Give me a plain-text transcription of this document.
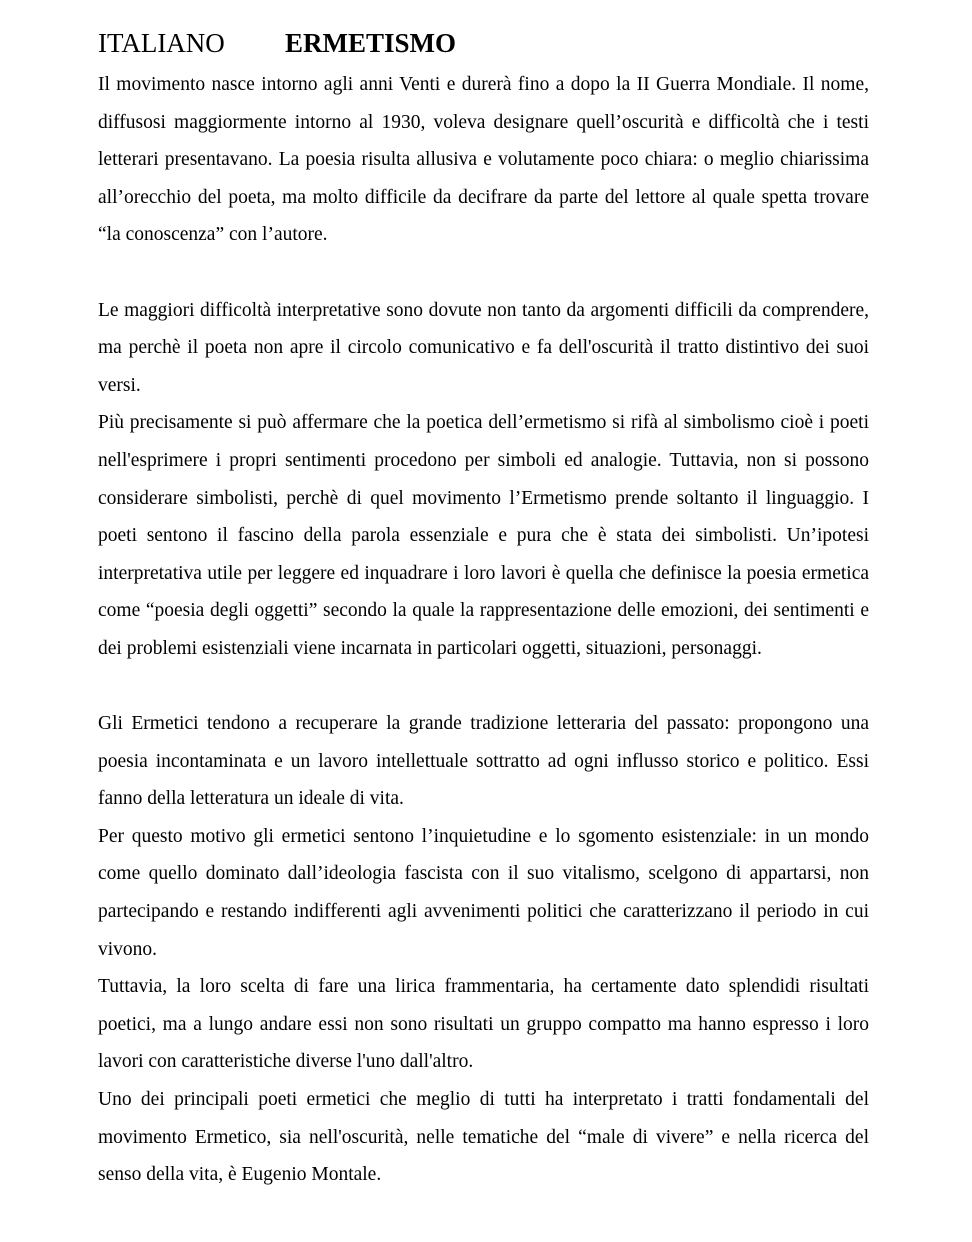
ITALIANO ERMETISMO

Il movimento nasce intorno agli anni Venti e durerà fino a dopo la II Guerra Mondiale. Il nome, diffusosi maggiormente intorno al 1930, voleva designare quell’oscurità e difficoltà che i testi letterari presentavano. La poesia risulta allusiva e volutamente poco chiara: o meglio chiarissima all’orecchio del poeta, ma molto difficile da decifrare da parte del lettore al quale spetta trovare “la conoscenza” con l’autore.

Le maggiori difficoltà interpretative sono dovute non tanto da argomenti difficili da comprendere, ma perchè il poeta non apre il circolo comunicativo e fa dell'oscurità il tratto distintivo dei suoi versi.

Più precisamente si può affermare che la poetica dell’ermetismo si rifà al simbolismo cioè i poeti nell'esprimere i propri sentimenti procedono per simboli ed analogie. Tuttavia, non si possono considerare simbolisti, perchè di quel movimento l’Ermetismo prende soltanto il linguaggio. I poeti sentono il fascino della parola essenziale e pura che è stata dei simbolisti. Un’ipotesi interpretativa utile per leggere ed inquadrare i loro lavori è quella che definisce la poesia ermetica come “poesia degli oggetti” secondo la quale la rappresentazione delle emozioni, dei sentimenti e dei problemi esistenziali viene incarnata in particolari oggetti, situazioni, personaggi.

Gli Ermetici tendono a recuperare la grande tradizione letteraria del passato: propongono una poesia incontaminata e un lavoro intellettuale sottratto ad ogni influsso storico e politico. Essi fanno della letteratura un ideale di vita.

Per questo motivo gli ermetici sentono l’inquietudine e lo sgomento esistenziale: in un mondo come quello dominato dall’ideologia fascista con il suo vitalismo, scelgono di appartarsi, non partecipando e restando indifferenti agli avvenimenti politici che caratterizzano il periodo in cui vivono.

Tuttavia, la loro scelta di fare una lirica frammentaria, ha certamente dato splendidi risultati poetici, ma a lungo andare essi non sono risultati un gruppo compatto ma hanno espresso i loro lavori con caratteristiche diverse l'uno dall'altro.

Uno dei principali poeti ermetici che meglio di tutti ha interpretato i tratti fondamentali del movimento Ermetico, sia nell'oscurità, nelle tematiche del “male di vivere” e nella ricerca del senso della vita, è Eugenio Montale.
